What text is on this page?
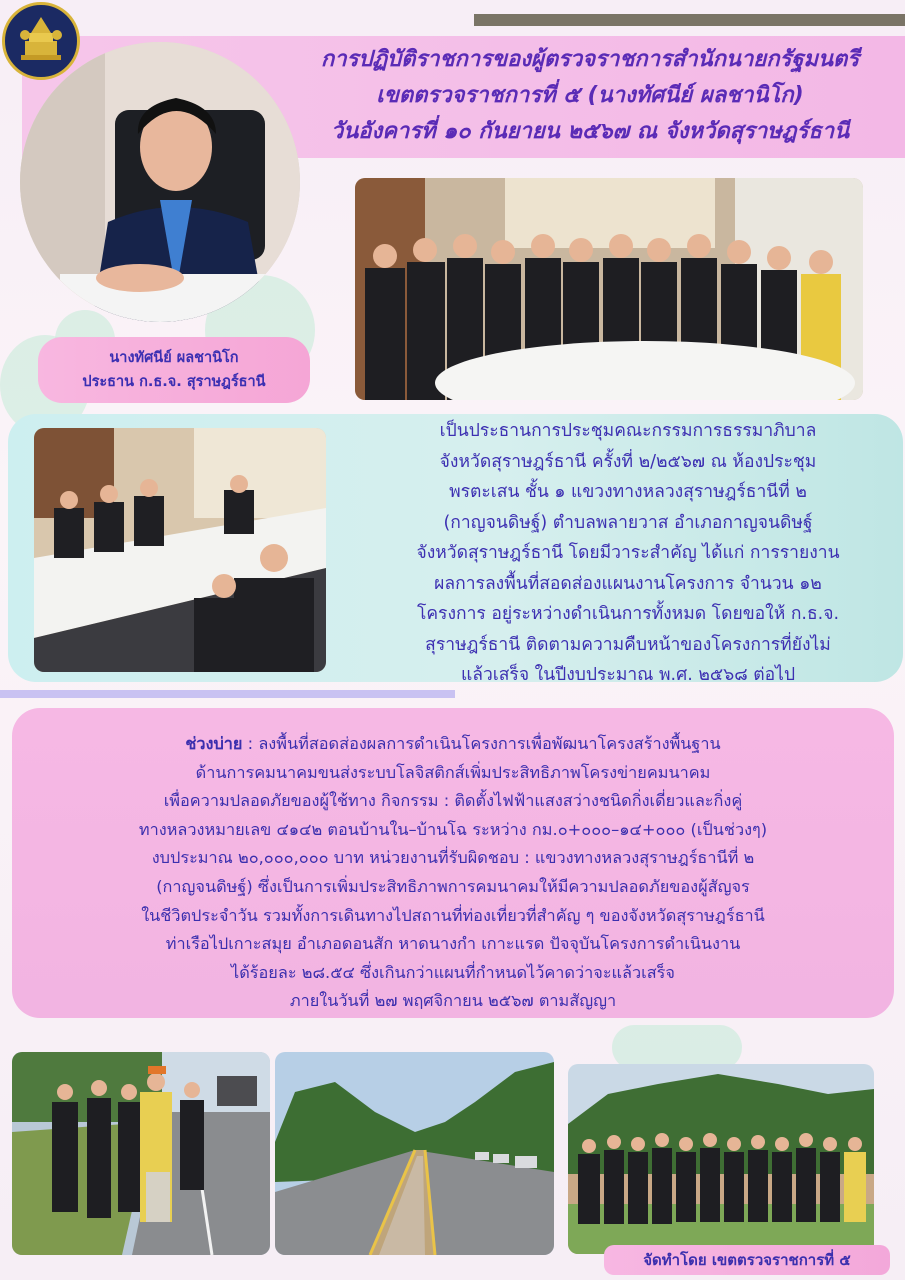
การปฏิบัติราชการของผู้ตรวจราชการสำนักนายกรัฐมนตรี
เขตตรวจราชการที่ ๕ (นางทัศนีย์ ผลชานิโก)
วันอังคารที่ ๑๐ กันยายน ๒๕๖๗ ณ จังหวัดสุราษฎร์ธานี
นางทัศนีย์ ผลชานิโก
ประธาน ก.ธ.จ. สุราษฎร์ธานี
เป็นประธานการประชุมคณะกรรมการธรรมาภิบาล
จังหวัดสุราษฎร์ธานี ครั้งที่ ๒/๒๕๖๗ ณ ห้องประชุม
พรตะเสน ชั้น ๑ แขวงทางหลวงสุราษฎร์ธานีที่ ๒
(กาญจนดิษฐ์) ตำบลพลายวาส อำเภอกาญจนดิษฐ์
จังหวัดสุราษฎร์ธานี โดยมีวาระสำคัญ ได้แก่ การรายงาน
ผลการลงพื้นที่สอดส่องแผนงานโครงการ จำนวน ๑๒
โครงการ อยู่ระหว่างดำเนินการทั้งหมด โดยขอให้ ก.ธ.จ.
สุราษฎร์ธานี ติดตามความคืบหน้าของโครงการที่ยังไม่
แล้วเสร็จ ในปีงบประมาณ พ.ศ. ๒๕๖๘ ต่อไป
ช่วงบ่าย : ลงพื้นที่สอดส่องผลการดำเนินโครงการเพื่อพัฒนาโครงสร้างพื้นฐาน
ด้านการคมนาคมขนส่งระบบโลจิสติกส์เพิ่มประสิทธิภาพโครงข่ายคมนาคม
เพื่อความปลอดภัยของผู้ใช้ทาง กิจกรรม : ติดตั้งไฟฟ้าแสงสว่างชนิดกิ่งเดี่ยวและกิ่งคู่
ทางหลวงหมายเลข ๔๑๔๒ ตอนบ้านใน–บ้านโฉ ระหว่าง กม.๐+๐๐๐–๑๔+๐๐๐ (เป็นช่วงๆ)
งบประมาณ ๒๐,๐๐๐,๐๐๐ บาท หน่วยงานที่รับผิดชอบ : แขวงทางหลวงสุราษฎร์ธานีที่ ๒
(กาญจนดิษฐ์) ซึ่งเป็นการเพิ่มประสิทธิภาพการคมนาคมให้มีความปลอดภัยของผู้สัญจร
ในชีวิตประจำวัน รวมทั้งการเดินทางไปสถานที่ท่องเที่ยวที่สำคัญ ๆ ของจังหวัดสุราษฎร์ธานี
ท่าเรือไปเกาะสมุย อำเภอดอนสัก หาดนางกำ เกาะแรด ปัจจุบันโครงการดำเนินงาน
ได้ร้อยละ ๒๘.๕๔ ซึ่งเกินกว่าแผนที่กำหนดไว้คาดว่าจะแล้วเสร็จ
ภายในวันที่ ๒๗ พฤศจิกายน ๒๕๖๗ ตามสัญญา
จัดทำโดย เขตตรวจราชการที่ ๕
